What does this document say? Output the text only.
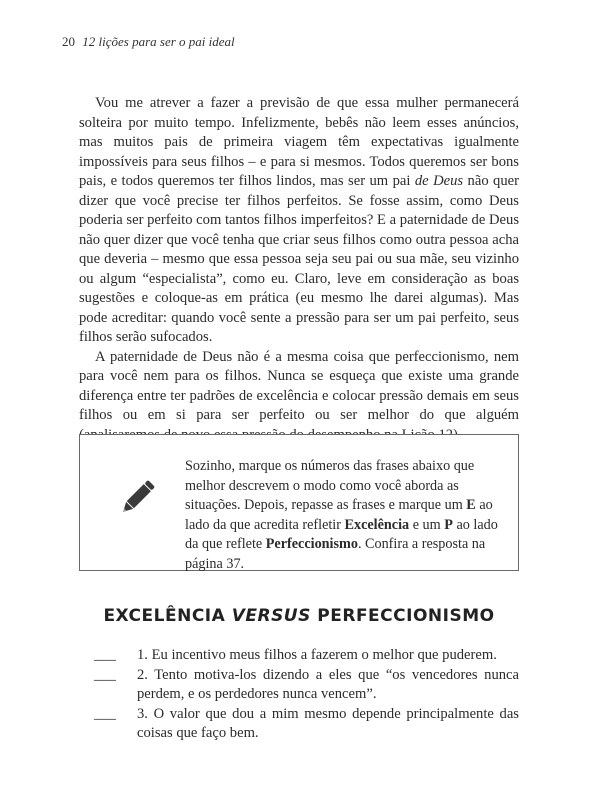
20 12 lições para ser o pai ideal

Vou me atrever a fazer a previsão de que essa mulher permanecerá solteira por muito tempo. Infelizmente, bebês não leem esses anúncios, mas muitos pais de primeira viagem têm expectativas igualmente impossíveis para seus filhos – e para si mesmos. Todos queremos ser bons pais, e todos queremos ter filhos lindos, mas ser um pai de Deus não quer dizer que você precise ter filhos perfeitos. Se fosse assim, como Deus poderia ser perfeito com tantos filhos imperfeitos? E a paternidade de Deus não quer dizer que você tenha que criar seus filhos como outra pessoa acha que deveria – mesmo que essa pessoa seja seu pai ou sua mãe, seu vizinho ou algum “especialista”, como eu. Claro, leve em consideração as boas sugestões e coloque-as em prática (eu mesmo lhe darei algumas). Mas pode acreditar: quando você sente a pressão para ser um pai perfeito, seus filhos serão sufocados.

A paternidade de Deus não é a mesma coisa que perfeccionismo, nem para você nem para os filhos. Nunca se esqueça que existe uma grande diferença entre ter padrões de excelência e colocar pressão demais em seus filhos ou em si para ser perfeito ou ser melhor do que alguém

Sozinho, marque os números das frases abaixo que melhor descrevem o modo como você aborda as situações. Depois, repasse as frases e marque um E ao lado da que acredita refletir Excelência e um P ao lado da que reflete Perfeccionismo. Confira a resposta na página 37.
EXCELÊNCIA VERSUS PERFECCIONISMO
___ 1. Eu incentivo meus filhos a fazerem o melhor que puderem.
___ 2. Tento motiva-los dizendo a eles que “os vencedores nunca perdem, e os perdedores nunca vencem”.
___ 3. O valor que dou a mim mesmo depende principalmente das coisas que faço bem.
